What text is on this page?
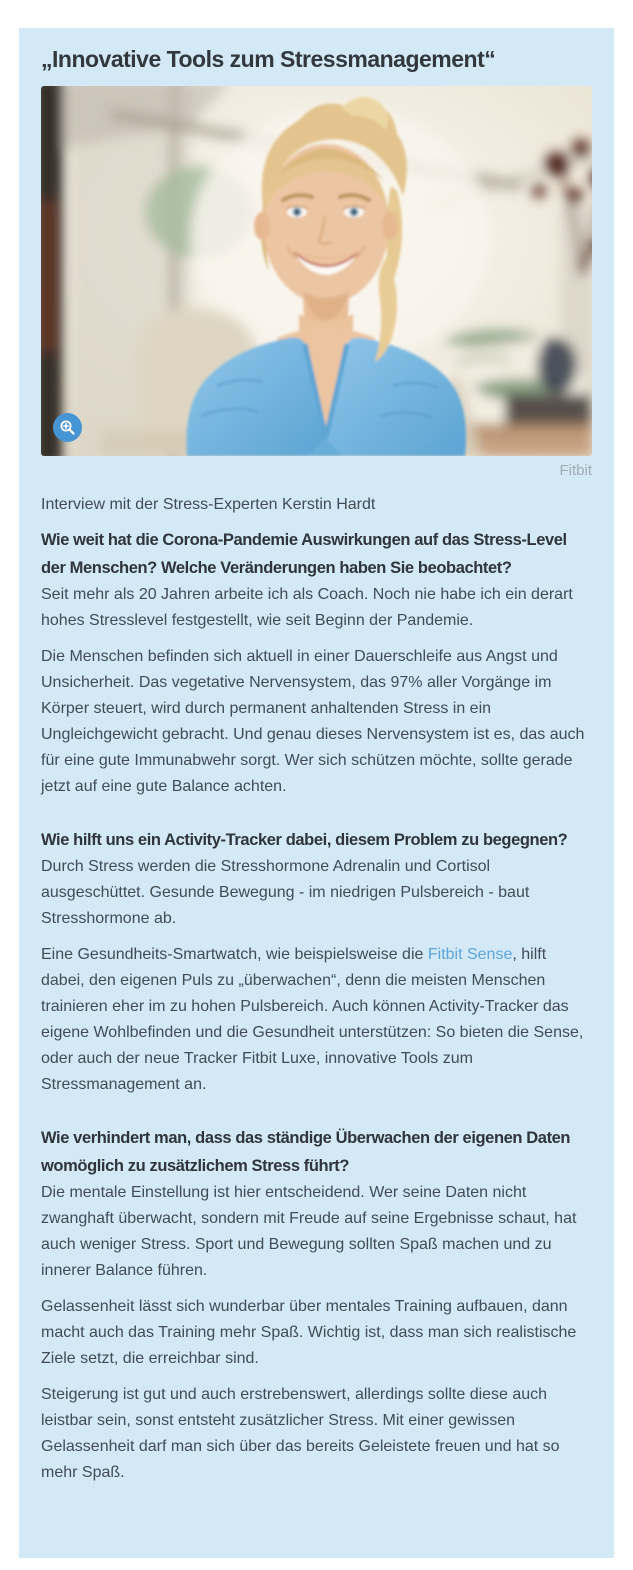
„Innovative Tools zum Stressmanagement“
Fitbit

Interview mit der Stress-Experten Kerstin Hardt

Wie weit hat die Corona-Pandemie Auswirkungen auf das Stress-Level der Menschen? Welche Veränderungen haben Sie beobachtet?

Seit mehr als 20 Jahren arbeite ich als Coach. Noch nie habe ich ein derart hohes Stresslevel festgestellt, wie seit Beginn der Pandemie.

Die Menschen befinden sich aktuell in einer Dauerschleife aus Angst und Unsicherheit. Das vegetative Nervensystem, das 97% aller Vorgänge im Körper steuert, wird durch permanent anhaltenden Stress in ein Ungleichgewicht gebracht. Und genau dieses Nervensystem ist es, das auch für eine gute Immunabwehr sorgt. Wer sich schützen möchte, sollte gerade jetzt auf eine gute Balance achten.

Wie hilft uns ein Activity-Tracker dabei, diesem Problem zu begegnen?

Durch Stress werden die Stresshormone Adrenalin und Cortisol ausgeschüttet. Gesunde Bewegung - im niedrigen Pulsbereich - baut Stresshormone ab.

Eine Gesundheits-Smartwatch, wie beispielsweise die Fitbit Sense, hilft dabei, den eigenen Puls zu „überwachen“, denn die meisten Menschen trainieren eher im zu hohen Pulsbereich. Auch können Activity-Tracker das eigene Wohlbefinden und die Gesundheit unterstützen: So bieten die Sense, oder auch der neue Tracker Fitbit Luxe, innovative Tools zum Stressmanagement an.

Wie verhindert man, dass das ständige Überwachen der eigenen Daten womöglich zu zusätzlichem Stress führt?

Die mentale Einstellung ist hier entscheidend. Wer seine Daten nicht zwanghaft überwacht, sondern mit Freude auf seine Ergebnisse schaut, hat auch weniger Stress. Sport und Bewegung sollten Spaß machen und zu innerer Balance führen.

Gelassenheit lässt sich wunderbar über mentales Training aufbauen, dann macht auch das Training mehr Spaß. Wichtig ist, dass man sich realistische Ziele setzt, die erreichbar sind.

Steigerung ist gut und auch erstrebenswert, allerdings sollte diese auch leistbar sein, sonst entsteht zusätzlicher Stress. Mit einer gewissen Gelassenheit darf man sich über das bereits Geleistete freuen und hat so mehr Spaß.
